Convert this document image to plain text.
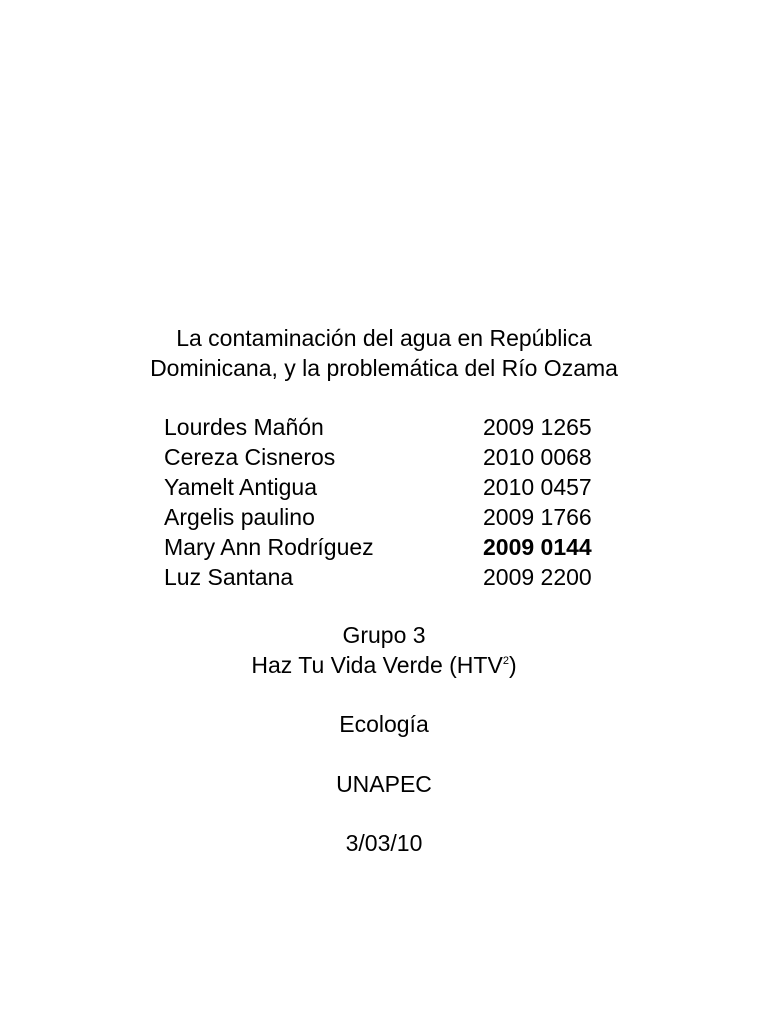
La contaminación del agua en República
Dominicana, y la problemática del Río Ozama
Lourdes Mañón	2009 1265
Cereza Cisneros	2010 0068
Yamelt Antigua	2010 0457
Argelis paulino	2009 1766
Mary Ann Rodríguez	2009 0144
Luz Santana	2009 2200
Grupo 3
Haz Tu Vida Verde (HTV$^2$)
Ecología
UNAPEC
3/03/10
